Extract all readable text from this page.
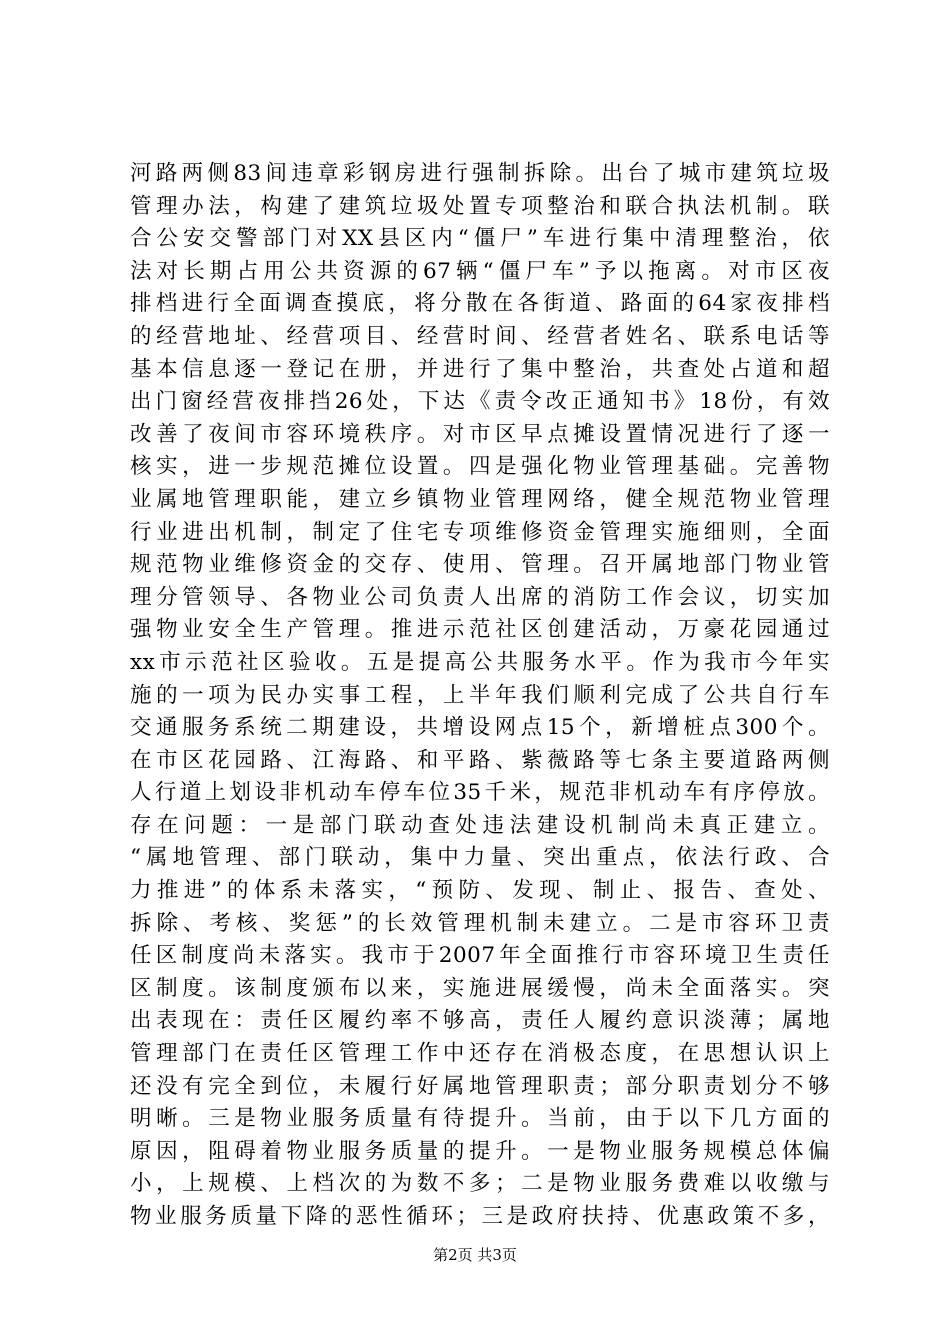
河路两侧83间违章彩钢房进行强制拆除。出台了城市建筑垃圾
管理办法，构建了建筑垃圾处置专项整治和联合执法机制。联
合公安交警部门对XX县区内“僵尸”车进行集中清理整治，依
法对长期占用公共资源的67辆“僵尸车”予以拖离。对市区夜
排档进行全面调查摸底，将分散在各街道、路面的64家夜排档
的经营地址、经营项目、经营时间、经营者姓名、联系电话等
基本信息逐一登记在册，并进行了集中整治，共查处占道和超
出门窗经营夜排挡26处，下达《责令改正通知书》18份，有效
改善了夜间市容环境秩序。对市区早点摊设置情况进行了逐一
核实，进一步规范摊位设置。四是强化物业管理基础。完善物
业属地管理职能，建立乡镇物业管理网络，健全规范物业管理
行业进出机制，制定了住宅专项维修资金管理实施细则，全面
规范物业维修资金的交存、使用、管理。召开属地部门物业管
理分管领导、各物业公司负责人出席的消防工作会议，切实加
强物业安全生产管理。推进示范社区创建活动，万豪花园通过
xx市示范社区验收。五是提高公共服务水平。作为我市今年实
施的一项为民办实事工程，上半年我们顺利完成了公共自行车
交通服务系统二期建设，共增设网点15个，新增桩点300个。
在市区花园路、江海路、和平路、紫薇路等七条主要道路两侧
人行道上划设非机动车停车位35千米，规范非机动车有序停放。
存在问题：一是部门联动查处违法建设机制尚未真正建立。
“属地管理、部门联动，集中力量、突出重点，依法行政、合
力推进”的体系未落实，“预防、发现、制止、报告、查处、
拆除、考核、奖惩”的长效管理机制未建立。二是市容环卫责
任区制度尚未落实。我市于2007年全面推行市容环境卫生责任
区制度。该制度颁布以来，实施进展缓慢，尚未全面落实。突
出表现在：责任区履约率不够高，责任人履约意识淡薄；属地
管理部门在责任区管理工作中还存在消极态度，在思想认识上
还没有完全到位，未履行好属地管理职责；部分职责划分不够
明晰。三是物业服务质量有待提升。当前，由于以下几方面的
原因，阻碍着物业服务质量的提升。一是物业服务规模总体偏
小，上规模、上档次的为数不多；二是物业服务费难以收缴与
物业服务质量下降的恶性循环；三是政府扶持、优惠政策不多，
第2页 共3页
